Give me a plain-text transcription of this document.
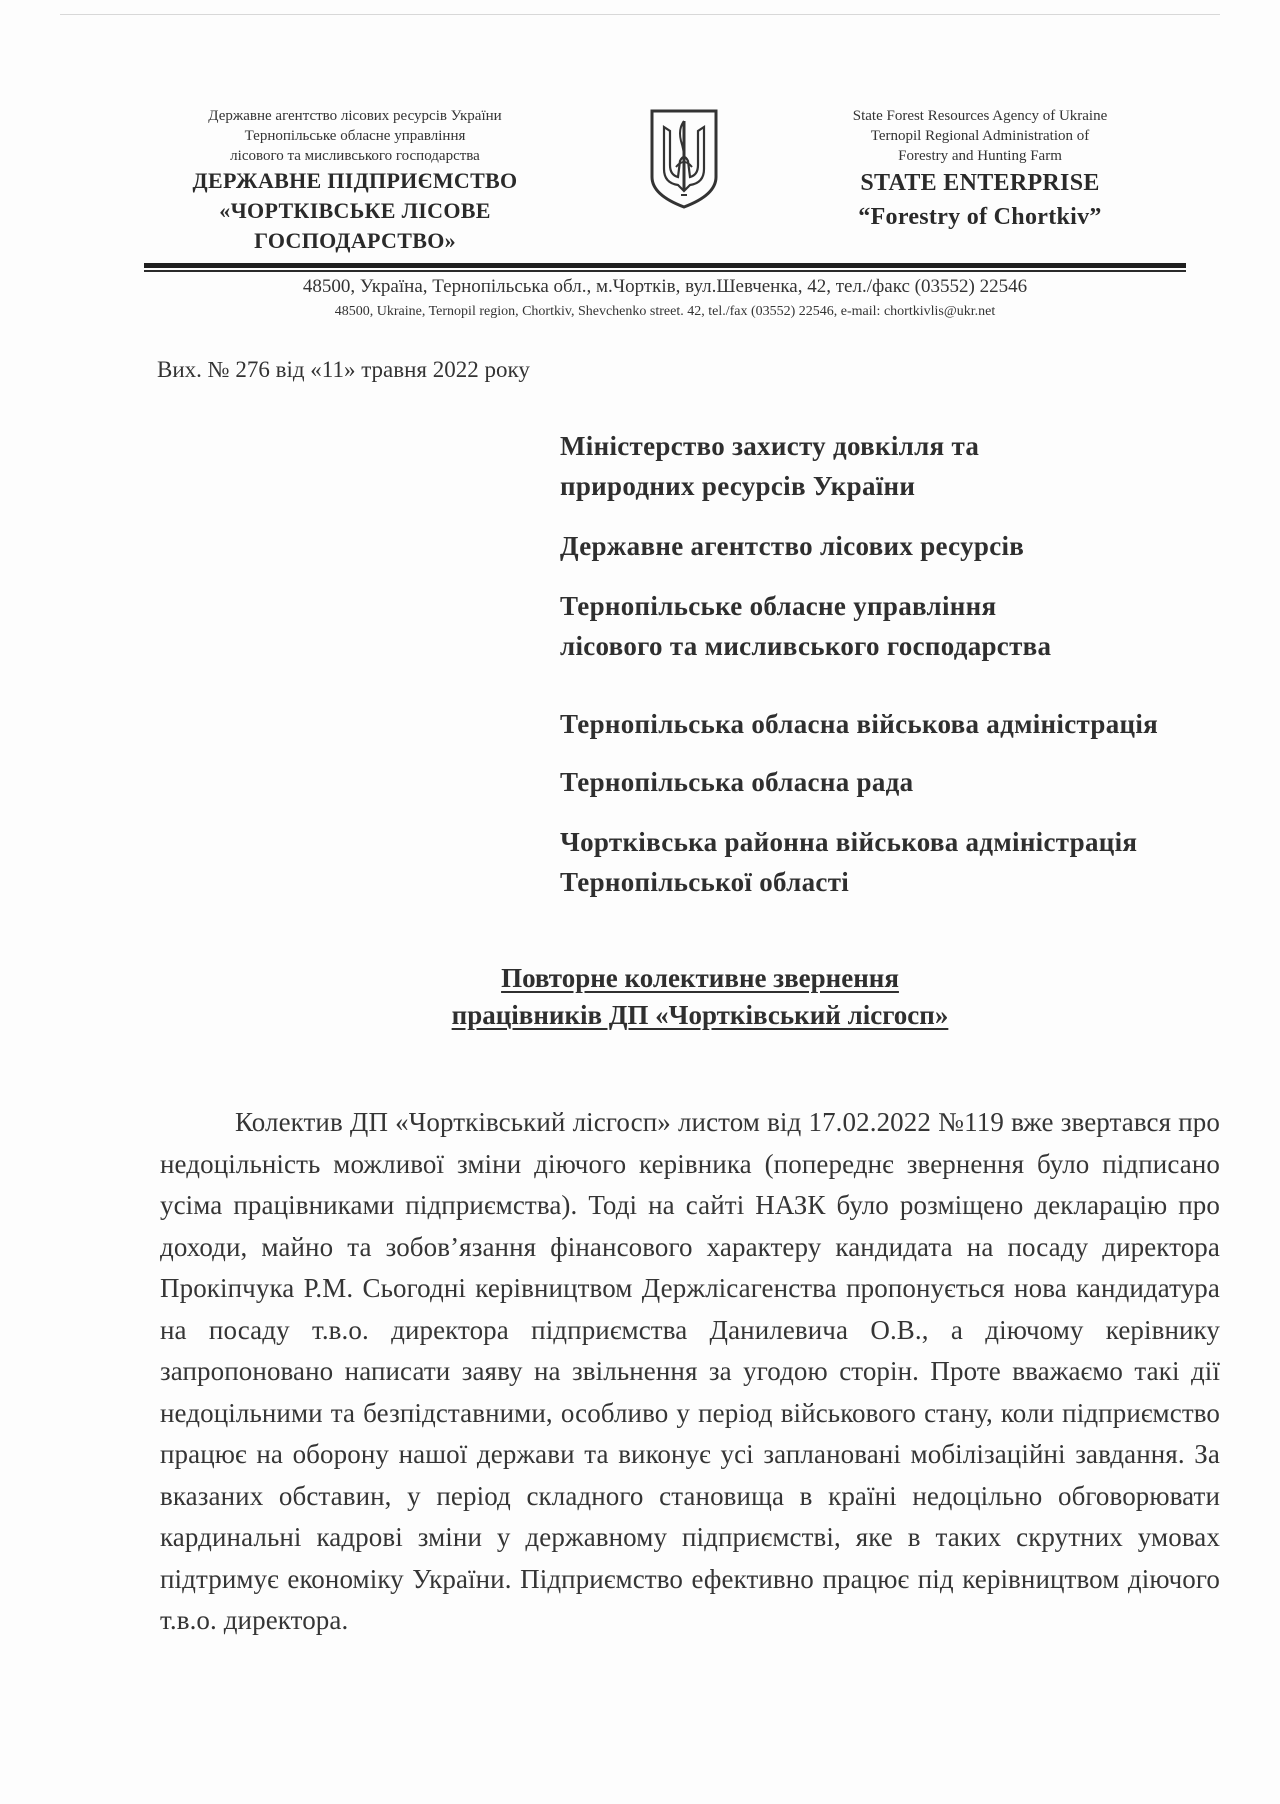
Державне агентство лісових ресурсів України
Тернопільське обласне управління
лісового та мисливського господарства
ДЕРЖАВНЕ ПІДПРИЄМСТВО
«ЧОРТКІВСЬКЕ ЛІСОВЕ
ГОСПОДАРСТВО»
State Forest Resources Agency of Ukraine
Ternopil Regional Administration of
Forestry and Hunting Farm
STATE ENTERPRISE
“Forestry of Chortkiv”
48500, Україна, Тернопільська обл., м.Чортків, вул.Шевченка, 42, тел./факс (03552) 22546
48500, Ukraine, Ternopil region, Chortkiv, Shevchenko street. 42, tel./fax (03552) 22546, e-mail: chortkivlis@ukr.net
Вих. № 276 від «11» травня 2022 року
Міністерство захисту довкілля та
природних ресурсів України
Державне агентство лісових ресурсів
Тернопільське обласне управління
лісового та мисливського господарства
Тернопільська обласна військова адміністрація
Тернопільська обласна рада
Чортківська районна військова адміністрація
Тернопільської області
Повторне колективне звернення
працівників ДП «Чортківський лісгосп»

Колектив ДП «Чортківський лісгосп» листом від 17.02.2022 №119 вже звертався про недоцільність можливої зміни діючого керівника (попереднє звернення було підписано усіма працівниками підприємства). Тоді на сайті НАЗК було розміщено декларацію про доходи, майно та зобов’язання фінансового характеру кандидата на посаду директора Прокіпчука Р.М. Сьогодні керівництвом Держлісагенства пропонується нова кандидатура на посаду т.в.о. директора підприємства Данилевича О.В., а діючому керівнику запропоновано написати заяву на звільнення за угодою сторін. Проте вважаємо такі дії недоцільними та безпідставними, особливо у період військового стану, коли підприємство працює на оборону нашої держави та виконує усі заплановані мобілізаційні завдання. За вказаних обставин, у період складного становища в країні недоцільно обговорювати кардинальні кадрові зміни у державному підприємстві, яке в таких скрутних умовах підтримує економіку України. Підприємство ефективно працює під керівництвом діючого т.в.о. директора.
